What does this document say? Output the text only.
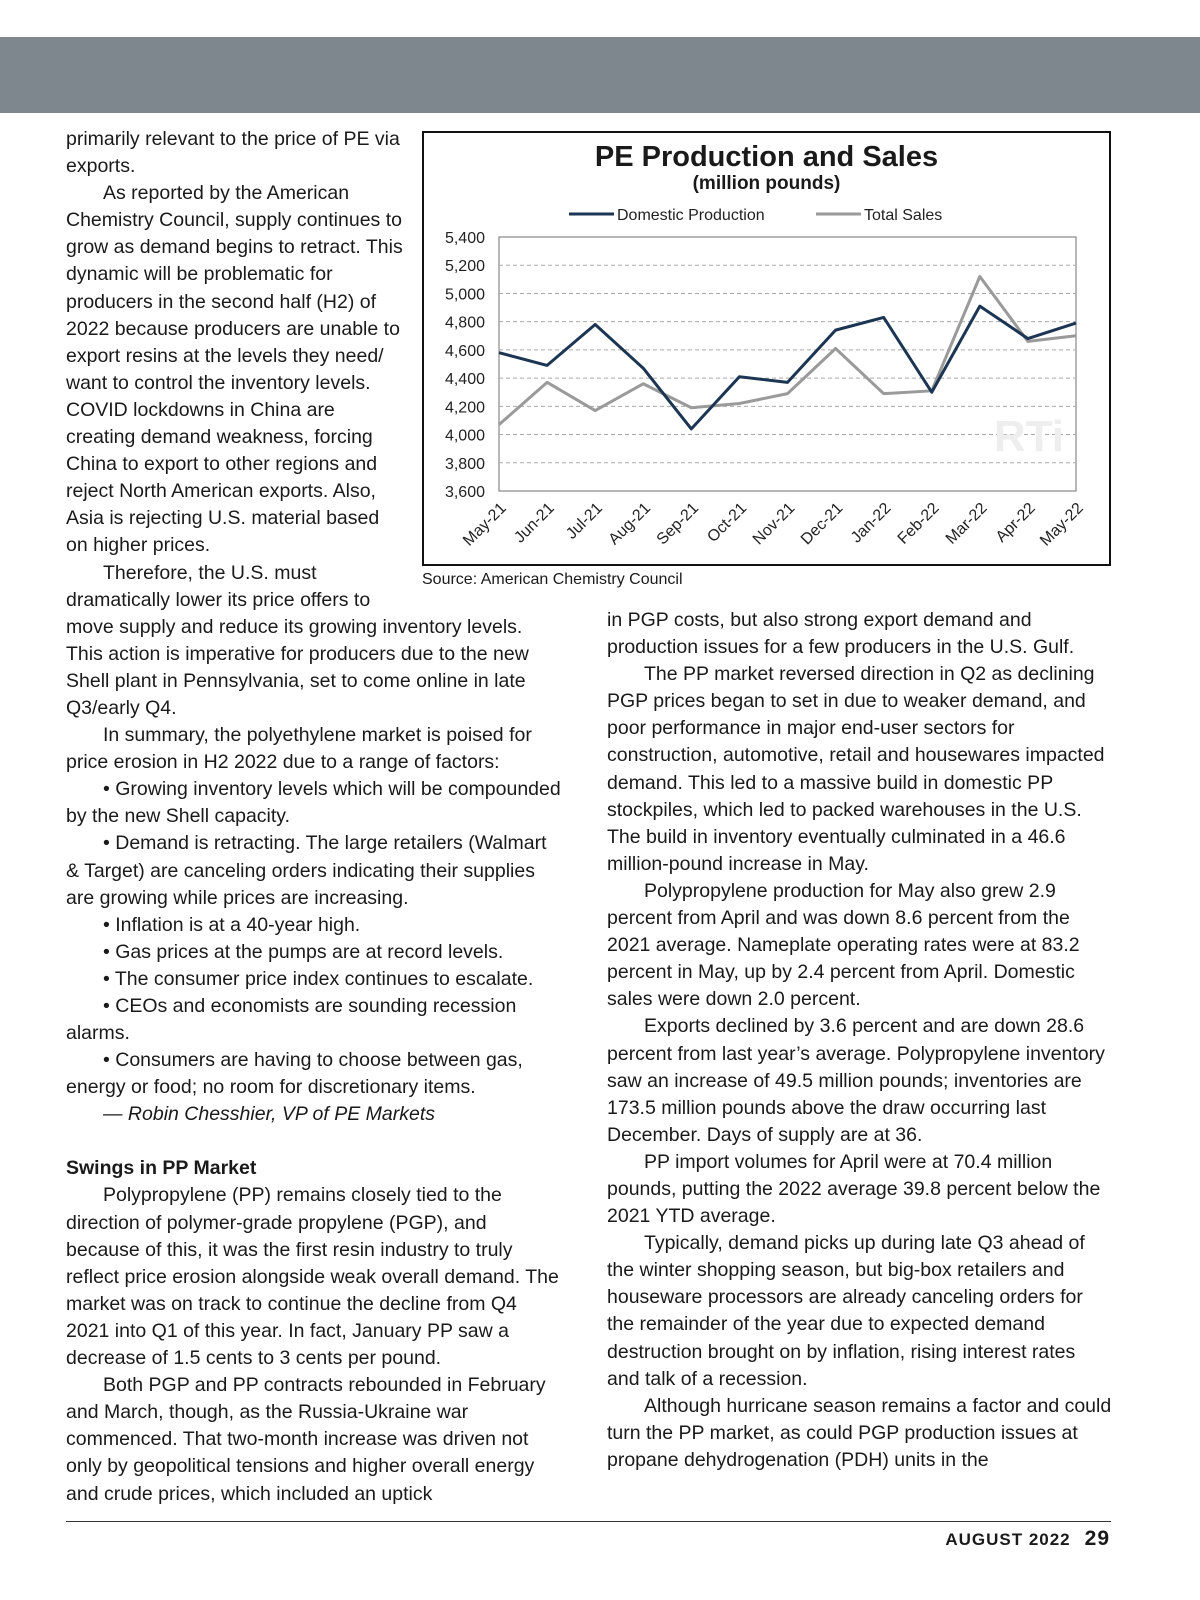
primarily relevant to the price of PE via exports.

As reported by the American Chemistry Council, supply continues to grow as demand begins to retract. This dynamic will be problematic for producers in the second half (H2) of 2022 because producers are unable to export resins at the levels they need/ want to control the inventory levels. COVID lockdowns in China are creating demand weakness, forcing China to export to other regions and reject North American exports. Also, Asia is rejecting U.S. material based on higher prices.

Therefore, the U.S. must dramatically lower its price offers to move supply and reduce its growing inventory levels. This action is imperative for producers due to the new Shell plant in Pennsylvania, set to come online in late Q3/early Q4.

In summary, the polyethylene market is poised for price erosion in H2 2022 due to a range of factors:

• Growing inventory levels which will be compounded by the new Shell capacity.

• Demand is retracting. The large retailers (Walmart & Target) are canceling orders indicating their supplies are growing while prices are increasing.

• Inflation is at a 40-year high.

• Gas prices at the pumps are at record levels.

• The consumer price index continues to escalate.

• CEOs and economists are sounding recession alarms.

• Consumers are having to choose between gas, energy or food; no room for discretionary items.

— Robin Chesshier, VP of PE Markets

Swings in PP Market

Polypropylene (PP) remains closely tied to the direction of polymer-grade propylene (PGP), and because of this, it was the first resin industry to truly reflect price erosion alongside weak overall demand. The market was on track to continue the decline from Q4 2021 into Q1 of this year. In fact, January PP saw a decrease of 1.5 cents to 3 cents per pound.

Both PGP and PP contracts rebounded in February and March, though, as the Russia-Ukraine war commenced. That two-month increase was driven not only by geopolitical tensions and higher overall energy and crude prices, which included an uptick

in PGP costs, but also strong export demand and production issues for a few producers in the U.S. Gulf.

The PP market reversed direction in Q2 as declining PGP prices began to set in due to weaker demand, and poor performance in major end-user sectors for construction, automotive, retail and housewares impacted demand. This led to a massive build in domestic PP stockpiles, which led to packed warehouses in the U.S. The build in inventory eventually culminated in a 46.6 million-pound increase in May.

Polypropylene production for May also grew 2.9 percent from April and was down 8.6 percent from the 2021 average. Nameplate operating rates were at 83.2 percent in May, up by 2.4 percent from April. Domestic sales were down 2.0 percent.

Exports declined by 3.6 percent and are down 28.6 percent from last year’s average. Polypropylene inventory saw an increase of 49.5 million pounds; inventories are 173.5 million pounds above the draw occurring last December. Days of supply are at 36.

PP import volumes for April were at 70.4 million pounds, putting the 2022 average 39.8 percent below the 2021 YTD average.

Typically, demand picks up during late Q3 ahead of the winter shopping season, but big-box retailers and houseware processors are already canceling orders for the remainder of the year due to expected demand destruction brought on by inflation, rising interest rates and talk of a recession.

Although hurricane season remains a factor and could turn the PP market, as could PGP production issues at propane dehydrogenation (PDH) units in the

PE Production and Sales
(million pounds)
3,600
3,800
4,000
4,200
4,400
4,600
4,800
5,000
5,200
5,400
RTi
May-21 Jun-21 Jul-21 Aug-21 Sep-21 Oct-21 Nov-21 Dec-21 Jan-22 Feb-22 Mar-22 Apr-22
May-22
Domestic Production	Total Sales
Source: American Chemistry Council
AUGUST 2022 29
